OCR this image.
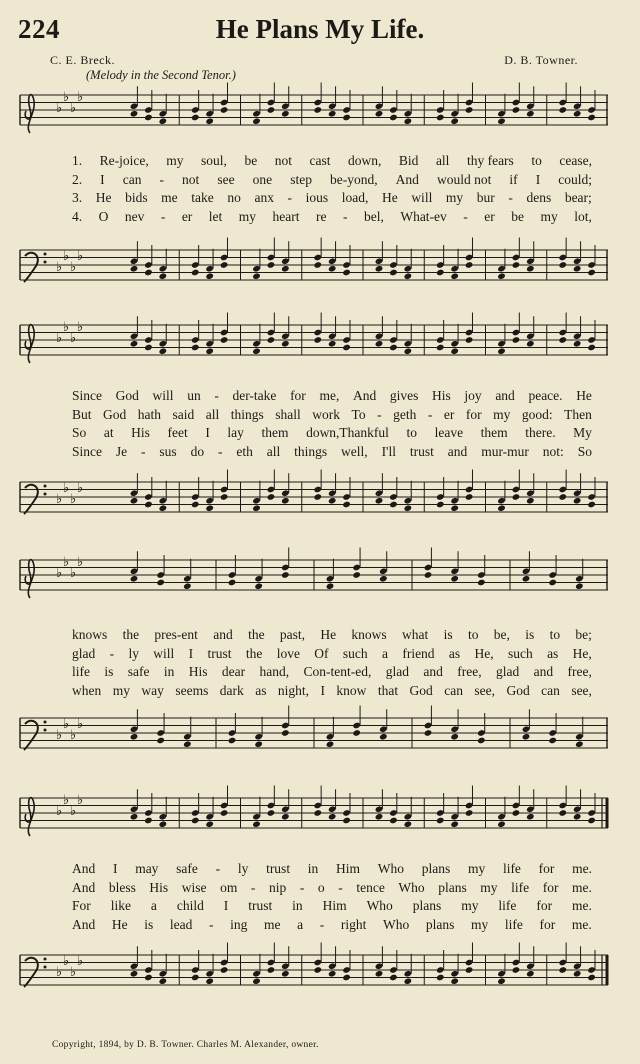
224	He Plans My Life.
C. E. Breck.	D. B. Towner.
(Melody in the Second Tenor.)
♭
♭
♭
♭
♭
♭
♭
♭
1. Re-joice, my soul, be not cast down, Bid all thy fears to cease,
2. I can - not see one step be-yond, And would not if I could;
3. He bids me take no anx - ious load, He will my bur - dens bear;
4. O nev - er let my heart re - bel, What-ev - er be my lot,
♭
♭
♭
♭
♭
♭
♭
♭
Since God will un - der-take for me, And gives His joy and peace. He
But God hath said all things shall work To - geth - er for my good: Then
So at His feet I lay them down,Thankful to leave them there. My
Since Je - sus do - eth all things well, I'll trust and mur-mur not: So
♭
♭
♭
♭
♭
♭
♭
♭
knows the pres-ent and the past, He knows what is to be, is to be;
glad - ly will I trust the love Of such a friend as He, such as He,
life is safe in His dear hand, Con-tent-ed, glad and free, glad and free,
when my way seems dark as night, I know that God can see, God can see,
♭
♭
♭
♭
♭
♭
♭
♭
And I may safe - ly trust in Him Who plans my life for me.
And bless His wise om - nip - o - tence Who plans my life for me.
For like a child I trust in Him Who plans my life for me.
And He is lead - ing me a - right Who plans my life for me.
Copyright, 1894, by D. B. Towner. Charles M. Alexander, owner.
